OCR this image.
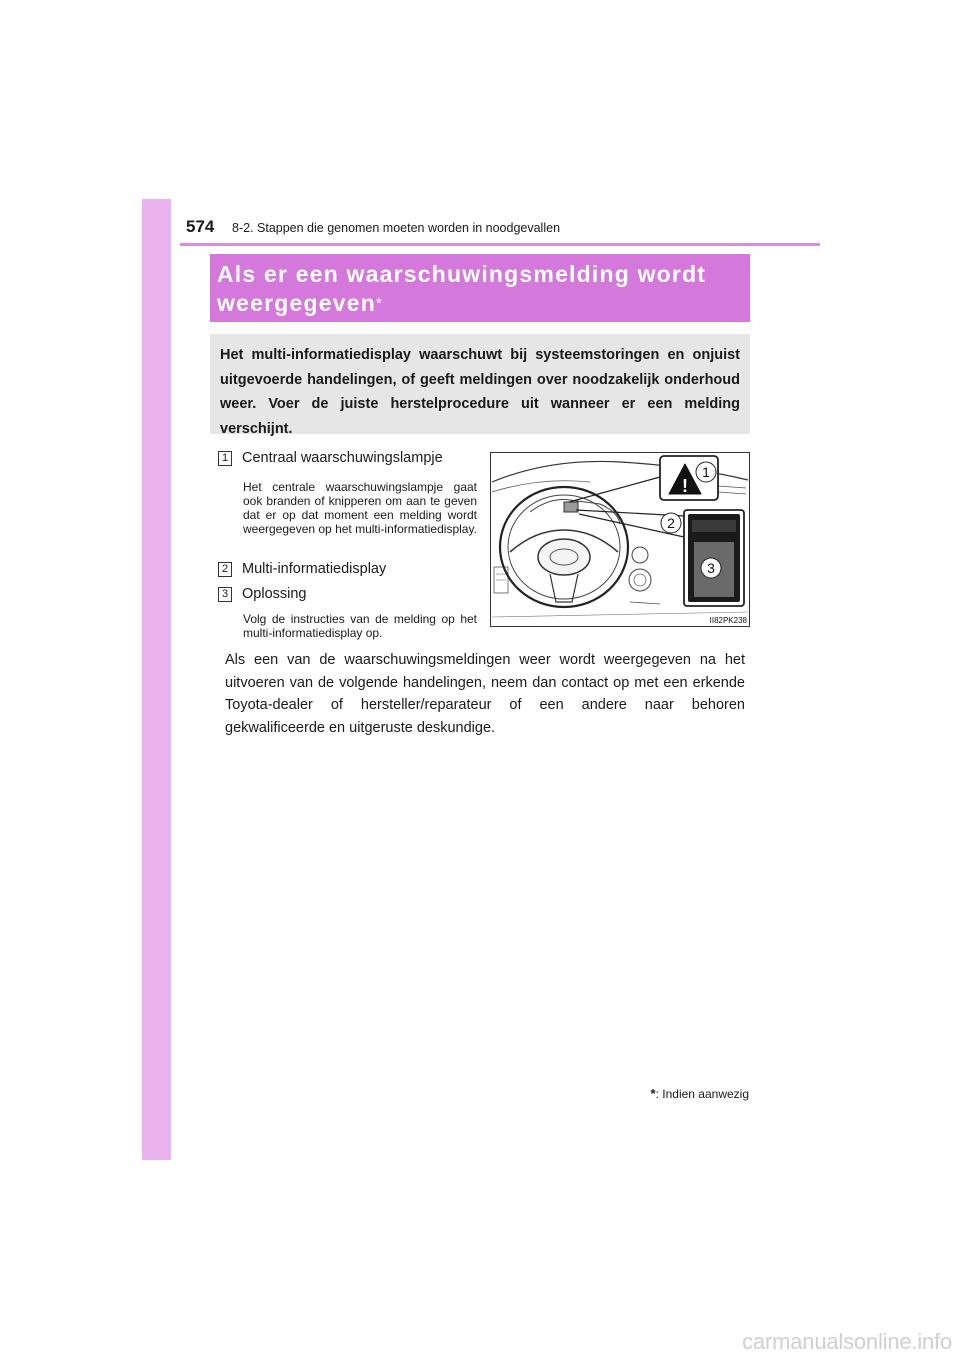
574 8-2. Stappen die genomen moeten worden in noodgevallen
Als er een waarschuwingsmelding wordt
weergegeven*
Het multi-informatiedisplay waarschuwt bij systeemstoringen en onjuist uitgevoerde handelingen, of geeft meldingen over noodzakelijk onderhoud weer. Voer de juiste herstelprocedure uit wanneer er een melding verschijnt.
1 Centraal waarschuwingslampje
Het centrale waarschuwingslampje gaat ook branden of knipperen om aan te geven dat er op dat moment een melding wordt weergegeven op het multi-informatiedisplay.
2 Multi-informatiedisplay
3 Oplossing
Volg de instructies van de melding op het multi-informatiedisplay op.
!
1
2
3
II82PK238
Als een van de waarschuwingsmeldingen weer wordt weergegeven na het uitvoeren van de volgende handelingen, neem dan contact op met een erkende Toyota-dealer of hersteller/reparateur of een andere naar behoren gekwalificeerde en uitgeruste deskundige.
*: Indien aanwezig
carmanualsonline.info
